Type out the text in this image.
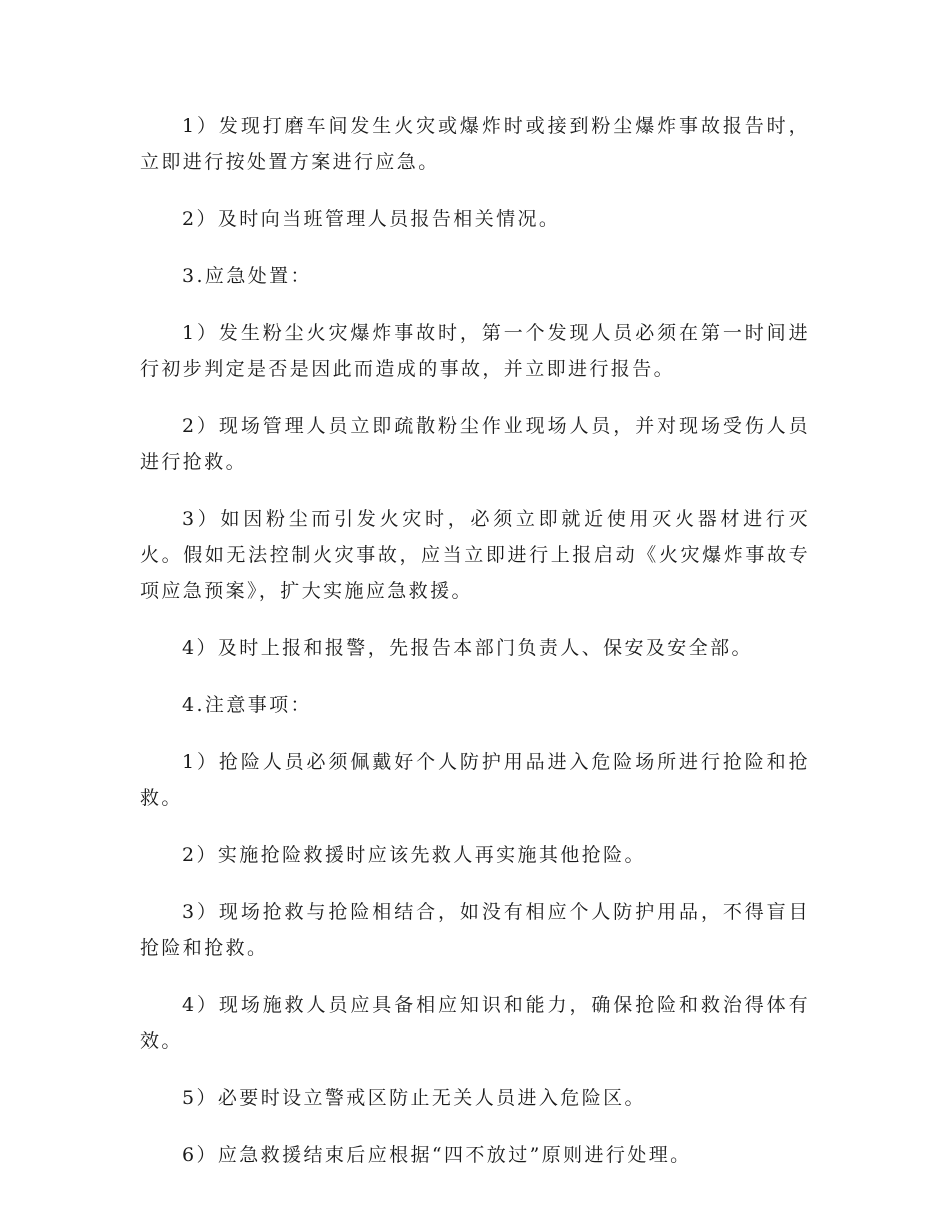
1）发现打磨车间发生火灾或爆炸时或接到粉尘爆炸事故报告时，立即进行按处置方案进行应急。

2）及时向当班管理人员报告相关情况。

3.应急处置：

1）发生粉尘火灾爆炸事故时，第一个发现人员必须在第一时间进行初步判定是否是因此而造成的事故，并立即进行报告。

2）现场管理人员立即疏散粉尘作业现场人员，并对现场受伤人员进行抢救。

3）如因粉尘而引发火灾时，必须立即就近使用灭火器材进行灭火。假如无法控制火灾事故，应当立即进行上报启动《火灾爆炸事故专项应急预案》，扩大实施应急救援。

4）及时上报和报警，先报告本部门负责人、保安及安全部。

4.注意事项：

1）抢险人员必须佩戴好个人防护用品进入危险场所进行抢险和抢救。

2）实施抢险救援时应该先救人再实施其他抢险。

3）现场抢救与抢险相结合，如没有相应个人防护用品，不得盲目抢险和抢救。

4）现场施救人员应具备相应知识和能力，确保抢险和救治得体有效。

5）必要时设立警戒区防止无关人员进入危险区。

6）应急救援结束后应根据“四不放过”原则进行处理。
